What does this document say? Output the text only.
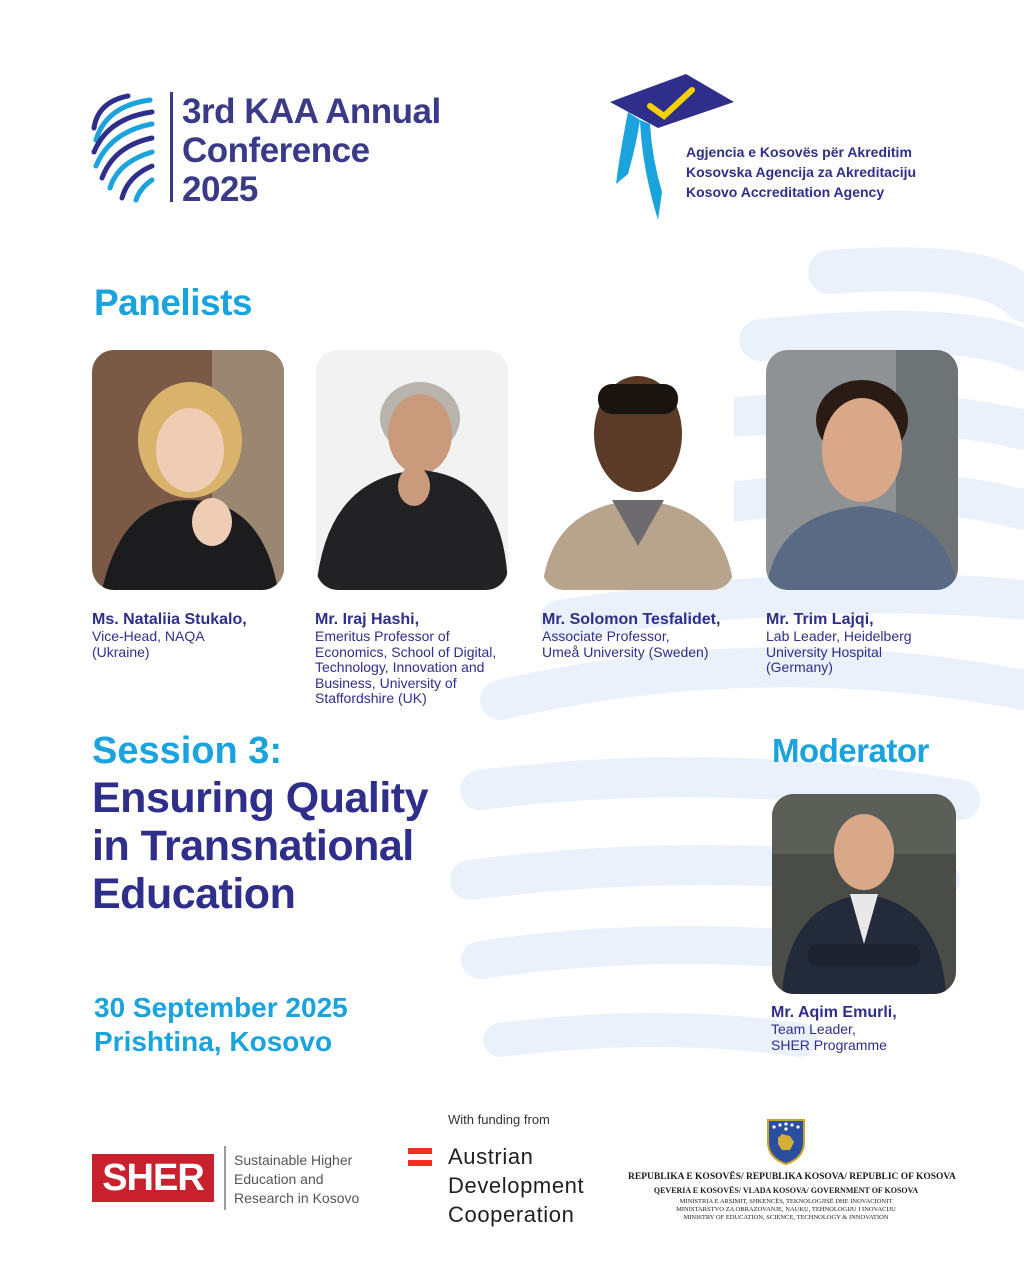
3rd KAA Annual
Conference
2025
Agjencia e Kosovës për Akreditim
Kosovska Agencija za Akreditaciju
Kosovo Accreditation Agency
Panelists
Ms. Nataliia Stukalo,
Vice-Head, NAQA
(Ukraine)
Mr. Iraj Hashi,
Emeritus Professor of
Economics, School of Digital,
Technology, Innovation and
Business, University of
Staffordshire (UK)
Mr. Solomon Tesfalidet,
Associate Professor,
Umeå University (Sweden)
Mr. Trim Lajqi,
Lab Leader, Heidelberg
University Hospital
(Germany)
Session 3:
Ensuring Quality
in Transnational
Education
Moderator
Mr. Aqim Emurli,
Team Leader,
SHER Programme
30 September 2025
Prishtina, Kosovo
SHER	Sustainable Higher
Education and
Research in Kosovo
With funding from
Austrian
Development
Cooperation
REPUBLIKA E KOSOVËS/ REPUBLIKA KOSOVA/ REPUBLIC OF KOSOVA
QEVERIA E KOSOVËS/ VLADA KOSOVA/ GOVERNMENT OF KOSOVA
MINISTRIA E ARSIMIT, SHKENCËS, TEKNOLOGJISË DHE INOVACIONIT
MINISTARSTVO ZA OBRAZOVANJE, NAUKU, TEHNOLOGIJU I INOVACIJU
MINISTRY OF EDUCATION, SCIENCE, TECHNOLOGY & INNOVATION
